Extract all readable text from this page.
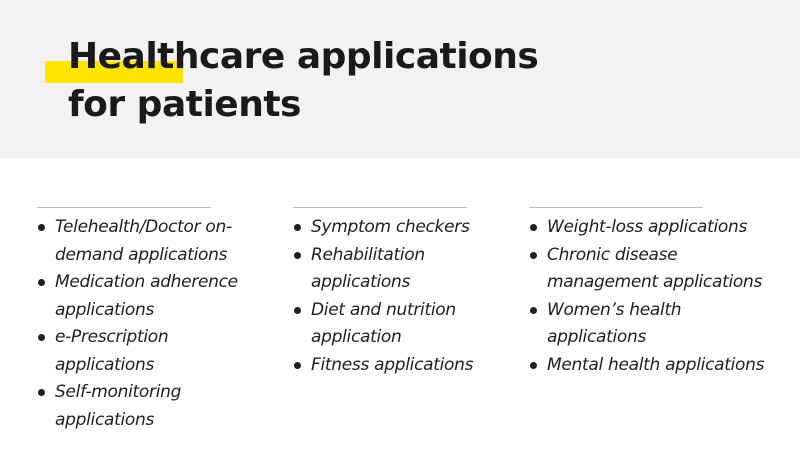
Healthcare applications
for patients
Telehealth/Doctor on-
demand applications
Medication adherence
applications
e-Prescription
applications
Self-monitoring
applications
Symptom checkers
Rehabilitation
applications
Diet and nutrition
application
Fitness applications
Weight-loss applications
Chronic disease
management applications
Women’s health
applications
Mental health applications
